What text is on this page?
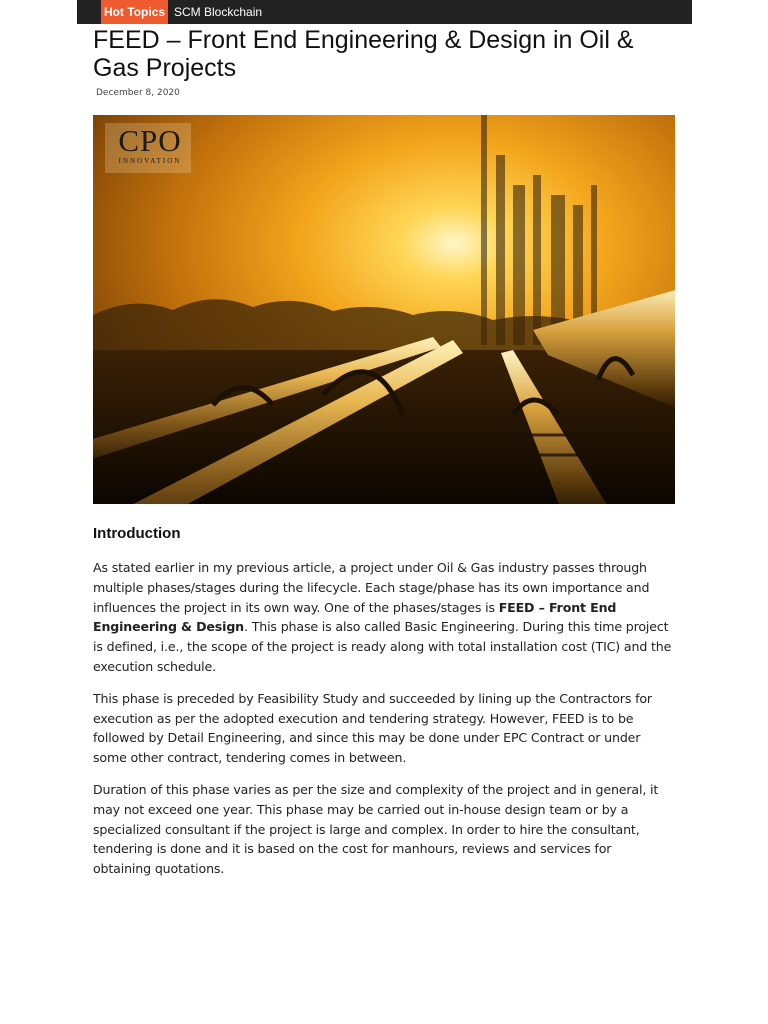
Hot Topics SCM Blockchain
FEED – Front End Engineering & Design in Oil & Gas Projects
December 8, 2020
CPO
INNOVATION
Introduction

As stated earlier in my previous article, a project under Oil & Gas industry passes through multiple phases/stages during the lifecycle. Each stage/phase has its own importance and influences the project in its own way. One of the phases/stages is FEED – Front End Engineering & Design. This phase is also called Basic Engineering. During this time project is defined, i.e., the scope of the project is ready along with total installation cost (TIC) and the execution schedule.

This phase is preceded by Feasibility Study and succeeded by lining up the Contractors for execution as per the adopted execution and tendering strategy. However, FEED is to be followed by Detail Engineering, and since this may be done under EPC Contract or under some other contract, tendering comes in between.

Duration of this phase varies as per the size and complexity of the project and in general, it may not exceed one year. This phase may be carried out in-house design team or by a specialized consultant if the project is large and complex. In order to hire the consultant, tendering is done and it is based on the cost for manhours, reviews and services for obtaining quotations.
